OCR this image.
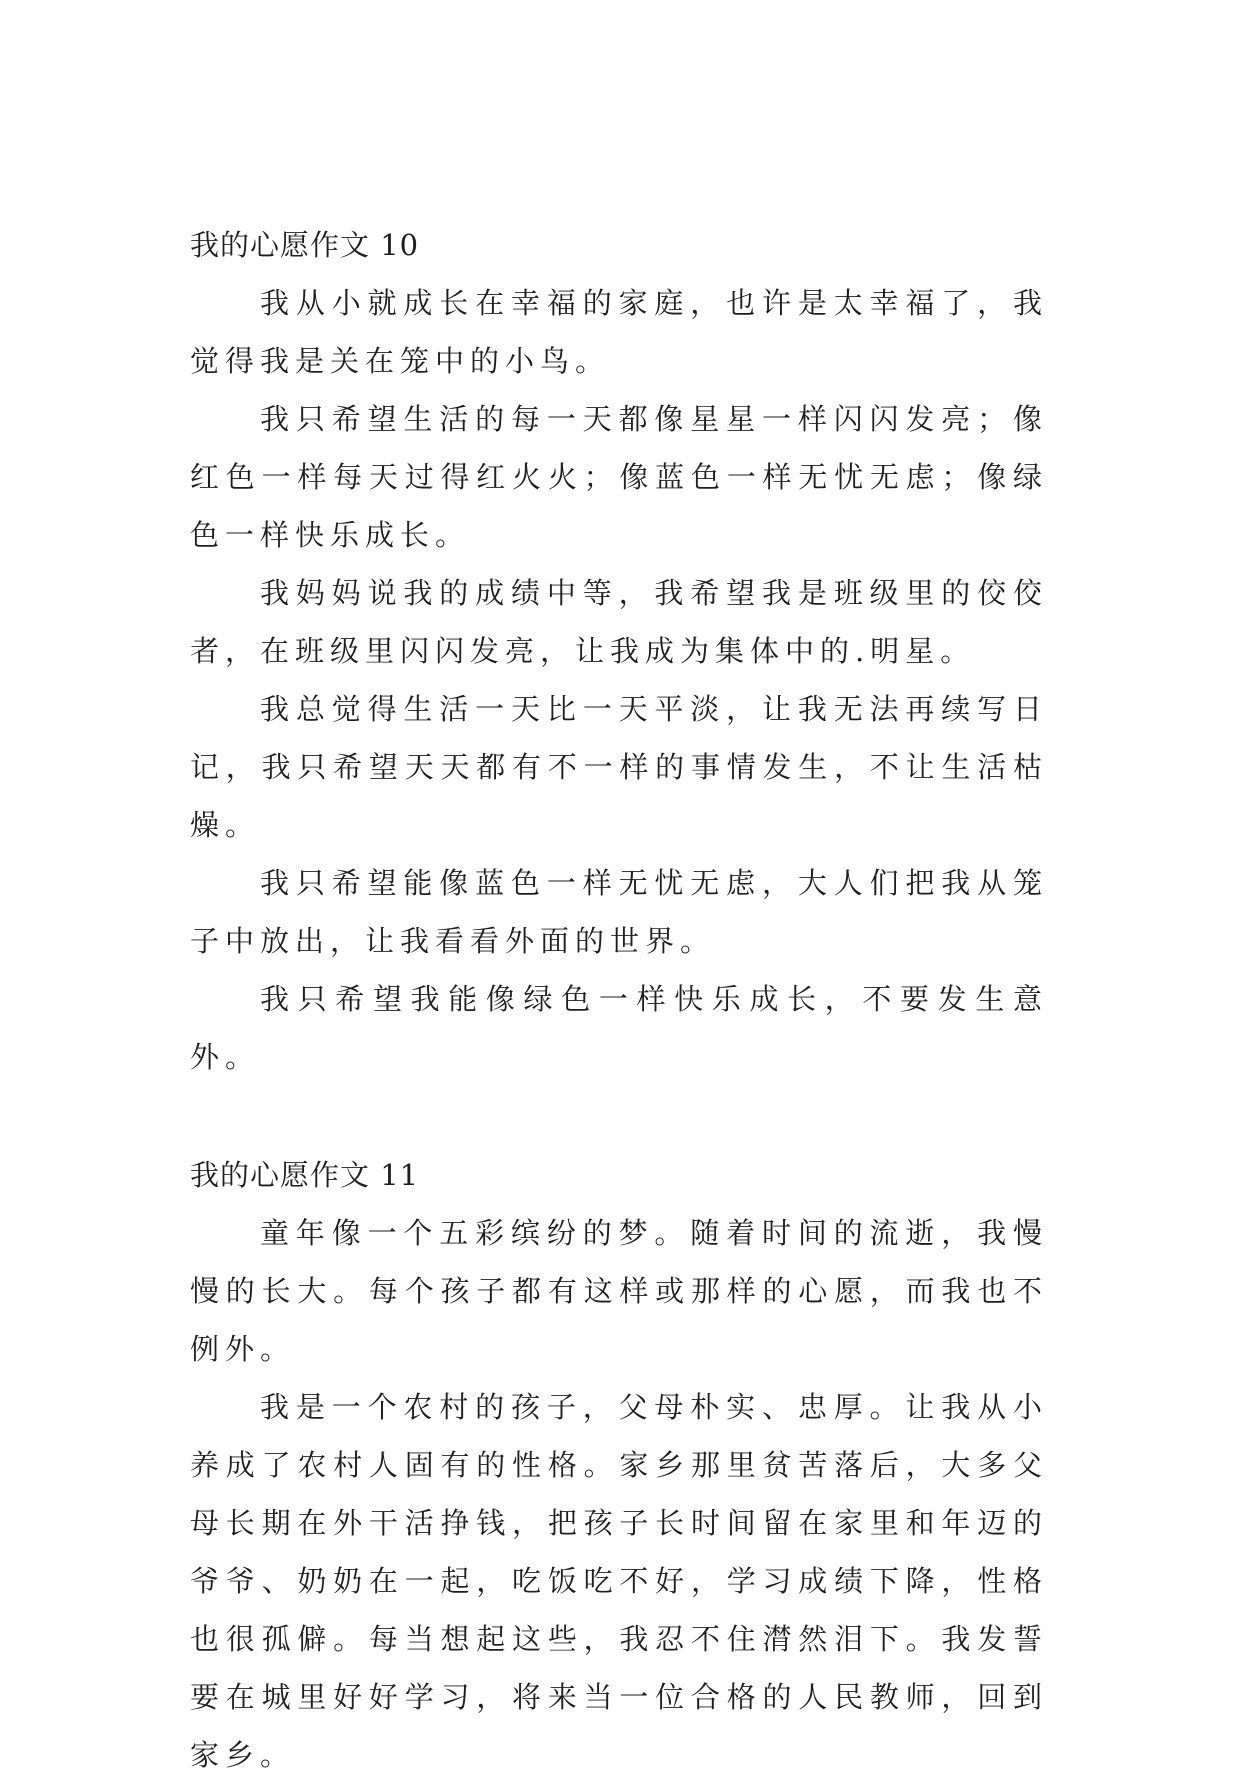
我的心愿作文 10

我从小就成长在幸福的家庭，也许是太幸福了，我觉得我是关在笼中的小鸟。

我只希望生活的每一天都像星星一样闪闪发亮；像红色一样每天过得红火火；像蓝色一样无忧无虑；像绿色一样快乐成长。

我妈妈说我的成绩中等，我希望我是班级里的佼佼者，在班级里闪闪发亮，让我成为集体中的.明星。

我总觉得生活一天比一天平淡，让我无法再续写日记，我只希望天天都有不一样的事情发生，不让生活枯燥。

我只希望能像蓝色一样无忧无虑，大人们把我从笼子中放出，让我看看外面的世界。

我只希望我能像绿色一样快乐成长，不要发生意外。

我的心愿作文 11

童年像一个五彩缤纷的梦。随着时间的流逝，我慢慢的长大。每个孩子都有这样或那样的心愿，而我也不例外。

我是一个农村的孩子，父母朴实、忠厚。让我从小养成了农村人固有的性格。家乡那里贫苦落后，大多父母长期在外干活挣钱，把孩子长时间留在家里和年迈的爷爷、奶奶在一起，吃饭吃不好，学习成绩下降，性格也很孤僻。每当想起这些，我忍不住潸然泪下。我发誓要在城里好好学习，将来当一位合格的人民教师，回到家乡。
